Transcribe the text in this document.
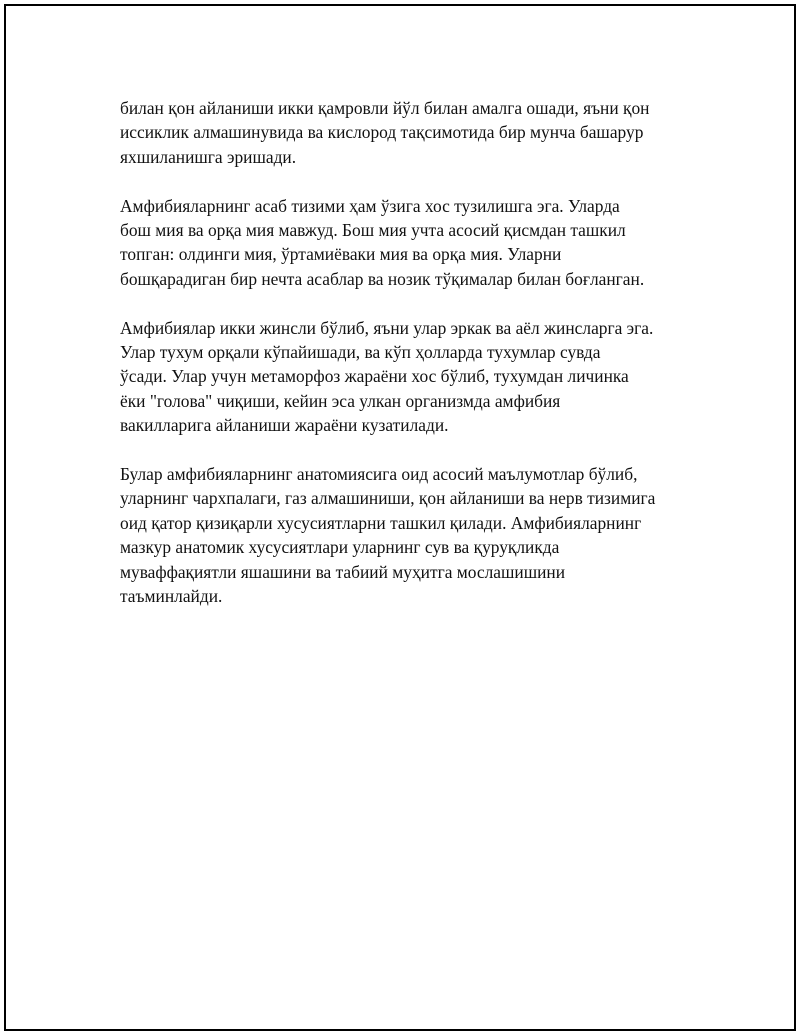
билан қон айланиши икки қамровли йўл билан амалга ошади, яъни қон
иссиклик алмашинувида ва кислород тақсимотида бир мунча башарур
яхшиланишга эришади.

Амфибияларнинг асаб тизими ҳам ўзига хос тузилишга эга. Уларда
бош мия ва орқа мия мавжуд. Бош мия учта асосий қисмдан ташкил
топган: олдинги мия, ўртамиёваки мия ва орқа мия. Уларни
бошқарадиган бир нечта асаблар ва нозик тўқималар билан боғланган.

Амфибиялар икки жинсли бўлиб, яъни улар эркак ва аёл жинсларга эга.
Улар тухум орқали кўпайишади, ва кўп ҳолларда тухумлар сувда
ўсади. Улар учун метаморфоз жараёни хос бўлиб, тухумдан личинка
ёки "голова" чиқиши, кейин эса улкан организмда амфибия
вакилларига айланиши жараёни кузатилади.

Булар амфибияларнинг анатомиясига оид асосий маълумотлар бўлиб,
уларнинг чархпалаги, газ алмашиниши, қон айланиши ва нерв тизимига
оид қатор қизиқарли хусусиятларни ташкил қилади. Амфибияларнинг
мазкур анатомик хусусиятлари уларнинг сув ва қуруқликда
муваффақиятли яшашини ва табиий муҳитга мослашишини
таъминлайди.
